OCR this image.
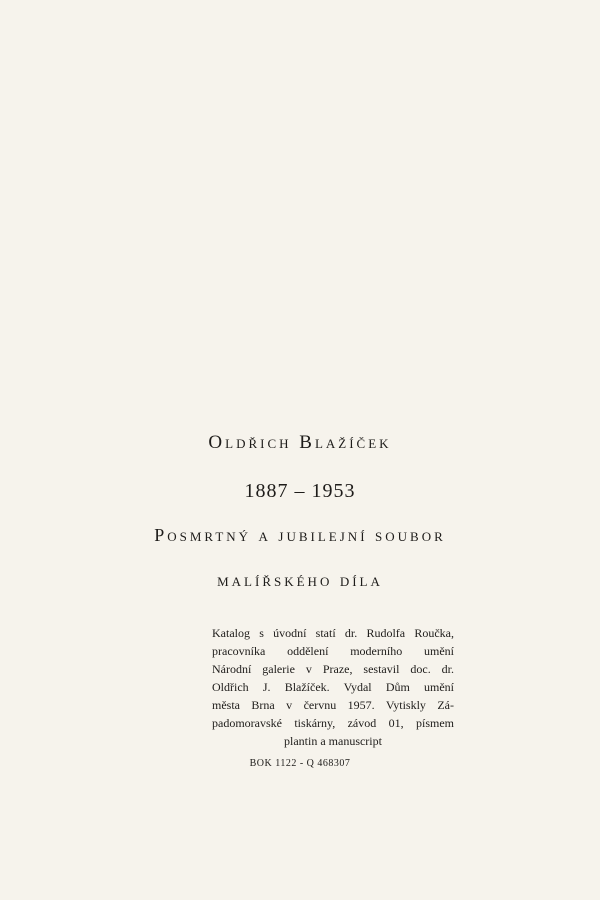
Oldřich Blažíček
1887 – 1953
Posmrtný a jubilejní soubor
malířského díla
Katalog s úvodní statí dr. Rudolfa Roučka,
pracovníka oddělení moderního umění
Národní galerie v Praze, sestavil doc. dr.
Oldřich J. Blažíček. Vydal Dům umění
města Brna v červnu 1957. Vytiskly Zá-
padomoravské tiskárny, závod 01, písmem
plantin a manuscript
BOK 1122 - Q 468307
